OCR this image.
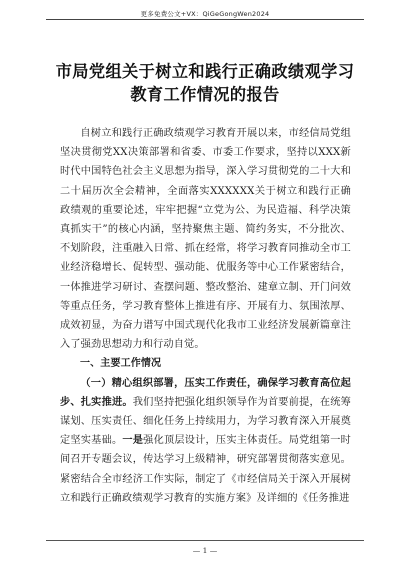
更多免费公文+VX：QiGeGongWen2024
市局党组关于树立和践行正确政绩观学习
教育工作情况的报告

自树立和践行正确政绩观学习教育开展以来，市经信局党组坚决贯彻党XX决策部署和省委、市委工作要求，坚持以XXX新时代中国特色社会主义思想为指导，深入学习贯彻党的二十大和二十届历次全会精神，全面落实XXXXXX关于树立和践行正确政绩观的重要论述，牢牢把握“立党为公、为民造福、科学决策真抓实干”的核心内涵，坚持聚焦主题、简约务实，不分批次、不划阶段，注重融入日常、抓在经常，将学习教育同推动全市工业经济稳增长、促转型、强动能、优服务等中心工作紧密结合，一体推进学习研讨、查摆问题、整改整治、建章立制、开门问效等重点任务，学习教育整体上推进有序、开展有力、氛围浓厚、成效初显，为奋力谱写中国式现代化我市工业经济发展新篇章注入了强劲思想动力和行动自觉。

一、主要工作情况

（一）精心组织部署，压实工作责任，确保学习教育高位起步、扎实推进。我们坚持把强化组织领导作为首要前提，在统筹谋划、压实责任、细化任务上持续用力，为学习教育深入开展奠定坚实基础。一是强化顶层设计，压实主体责任。局党组第一时间召开专题会议，传达学习上级精神，研究部署贯彻落实意见。紧密结合全市经济工作实际，制定了《市经信局关于深入开展树立和践行正确政绩观学习教育的实施方案》及详细的《任务推进

— 1 —
